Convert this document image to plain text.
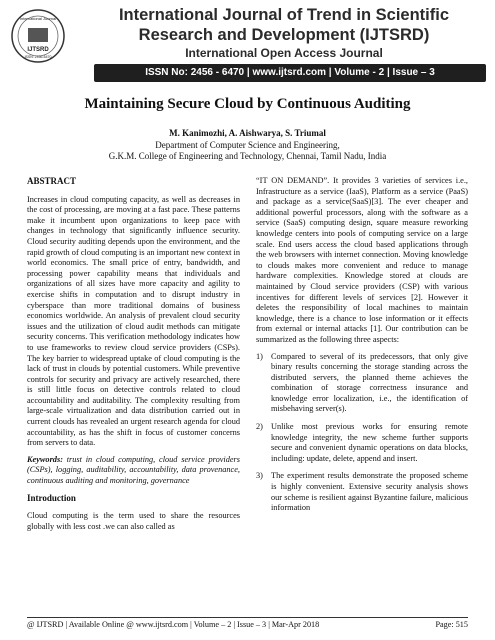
International Journal
IJTSRD
ISSN: 2456-6470
International Journal of Trend in Scientific Research and Development (IJTSRD)
International Open Access Journal
ISSN No: 2456 - 6470 | www.ijtsrd.com | Volume - 2 | Issue – 3
Maintaining Secure Cloud by Continuous Auditing
M. Kanimozhi, A. Aishwarya, S. Triumal
Department of Computer Science and Engineering,
G.K.M. College of Engineering and Technology, Chennai, Tamil Nadu, India
ABSTRACT
Increases in cloud computing capacity, as well as decreases in the cost of processing, are moving at a fast pace. These patterns make it incumbent upon organizations to keep pace with changes in technology that significantly influence security. Cloud security auditing depends upon the environment, and the rapid growth of cloud computing is an important new context in world economics. The small price of entry, bandwidth, and processing power capability means that individuals and organizations of all sizes have more capacity and agility to exercise shifts in computation and to disrupt industry in cyberspace than more traditional domains of business economics worldwide. An analysis of prevalent cloud security issues and the utilization of cloud audit methods can mitigate security concerns. This verification methodology indicates how to use frameworks to review cloud service providers (CSPs). The key barrier to widespread uptake of cloud computing is the lack of trust in clouds by potential customers. While preventive controls for security and privacy are actively researched, there is still little focus on detective controls related to cloud accountability and auditability. The complexity resulting from large-scale virtualization and data distribution carried out in current clouds has revealed an urgent research agenda for cloud accountability, as has the shift in focus of customer concerns from servers to data.
Keywords: trust in cloud computing, cloud service providers (CSPs), logging, auditability, accountability, data provenance, continuous auditing and monitoring, governance
Introduction
Cloud computing is the term used to share the resources globally with less cost .we can also called as
“IT ON DEMAND”. It provides 3 varieties of services i.e., Infrastructure as a service (IaaS), Platform as a service (PaaS) and package as a service(SaaS)[3]. The ever cheaper and additional powerful processors, along with the software as a service (SaaS) computing design, square measure reworking knowledge centers into pools of computing service on a large scale. End users access the cloud based applications through the web browsers with internet connection. Moving knowledge to clouds makes more convenient and reduce to manage hardware complexities. Knowledge stored at clouds are maintained by Cloud service providers (CSP) with various incentives for different levels of services [2]. However it deletes the responsibility of local machines to maintain knowledge, there is a chance to lose information or it effects from external or internal attacks [1]. Our contribution can be summarized as the following three aspects:
1) Compared to several of its predecessors, that only give binary results concerning the storage standing across the distributed servers, the planned theme achieves the combination of storage correctness insurance and knowledge error localization, i.e., the identification of misbehaving server(s).
2) Unlike most previous works for ensuring remote knowledge integrity, the new scheme further supports secure and convenient dynamic operations on data blocks, including: update, delete, append and insert.
3) The experiment results demonstrate the proposed scheme is highly convenient. Extensive security analysis shows our scheme is resilient against Byzantine failure, malicious information
@ IJTSRD | Available Online @ www.ijtsrd.com | Volume – 2 | Issue – 3 | Mar-Apr 2018	Page: 515
